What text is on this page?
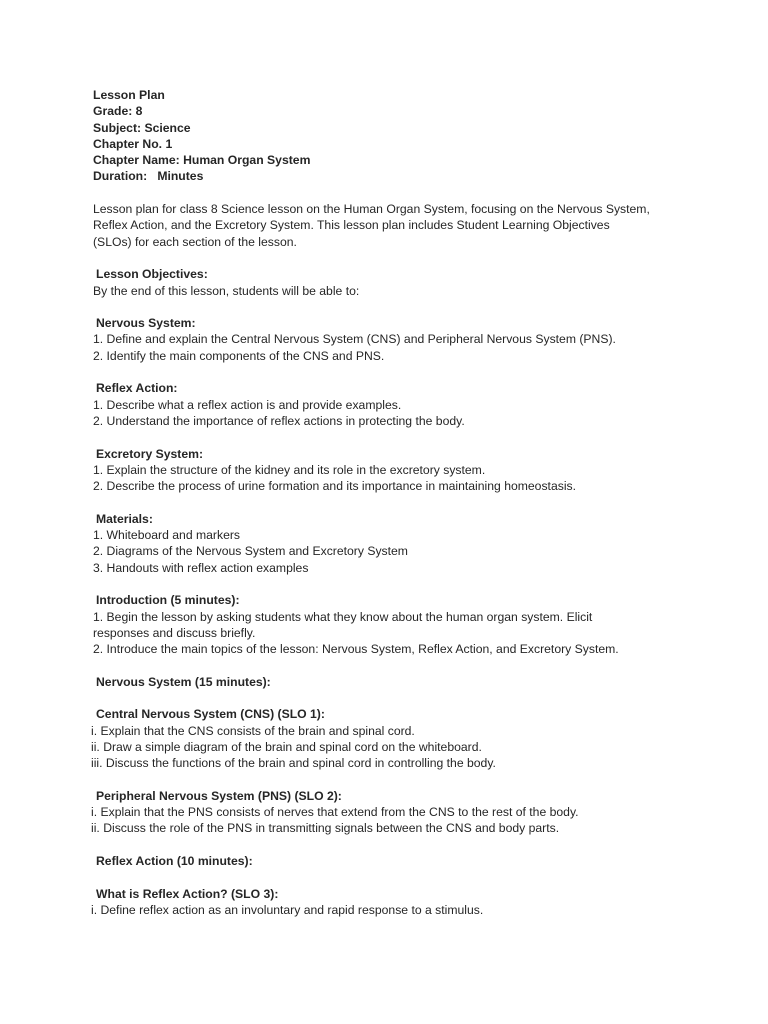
Lesson Plan
Grade: 8
Subject: Science
Chapter No. 1
Chapter Name: Human Organ System
Duration:   Minutes
Lesson plan for class 8 Science lesson on the Human Organ System, focusing on the Nervous System,
Reflex Action, and the Excretory System. This lesson plan includes Student Learning Objectives
(SLOs) for each section of the lesson.
Lesson Objectives:
By the end of this lesson, students will be able to:
Nervous System:
1. Define and explain the Central Nervous System (CNS) and Peripheral Nervous System (PNS).
2. Identify the main components of the CNS and PNS.
Reflex Action:
1. Describe what a reflex action is and provide examples.
2. Understand the importance of reflex actions in protecting the body.
Excretory System:
1. Explain the structure of the kidney and its role in the excretory system.
2. Describe the process of urine formation and its importance in maintaining homeostasis.
Materials:
1. Whiteboard and markers
2. Diagrams of the Nervous System and Excretory System
3. Handouts with reflex action examples
Introduction (5 minutes):
1. Begin the lesson by asking students what they know about the human organ system. Elicit
responses and discuss briefly.
2. Introduce the main topics of the lesson: Nervous System, Reflex Action, and Excretory System.
Nervous System (15 minutes):
Central Nervous System (CNS) (SLO 1):
i. Explain that the CNS consists of the brain and spinal cord.
ii. Draw a simple diagram of the brain and spinal cord on the whiteboard.
iii. Discuss the functions of the brain and spinal cord in controlling the body.
Peripheral Nervous System (PNS) (SLO 2):
i. Explain that the PNS consists of nerves that extend from the CNS to the rest of the body.
ii. Discuss the role of the PNS in transmitting signals between the CNS and body parts.
Reflex Action (10 minutes):
What is Reflex Action? (SLO 3):
i. Define reflex action as an involuntary and rapid response to a stimulus.
